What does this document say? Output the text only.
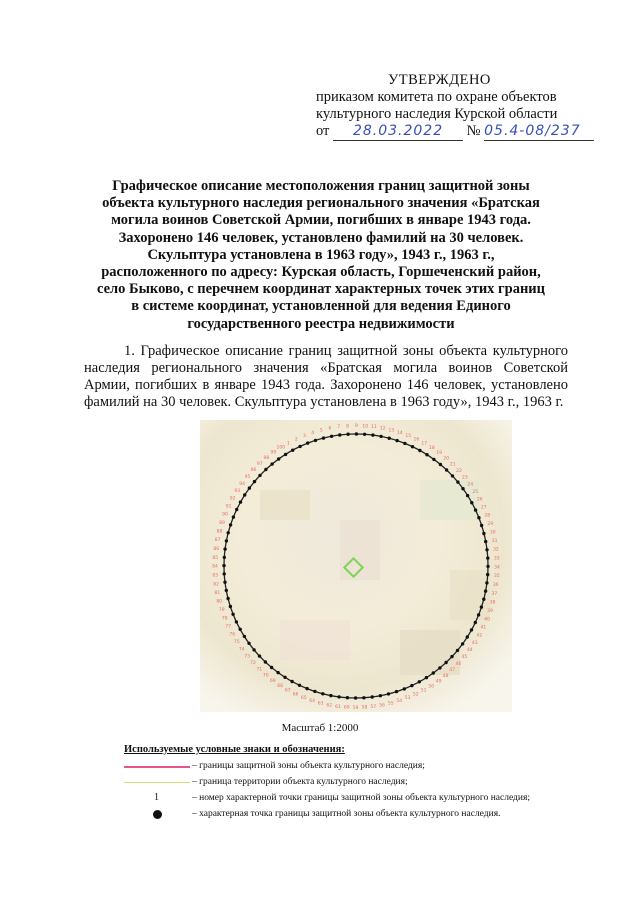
УТВЕРЖДЕНО
приказом комитета по охране объектов
культурного наследия Курской области
от 28.03.2022 № 05.4-08/237
Графическое описание местоположения границ защитной зоны объекта культурного наследия регионального значения «Братская могила воинов Советской Армии, погибших в январе 1943 года. Захоронено 146 человек, установлено фамилий на 30 человек. Скульптура установлена в 1963 году», 1943 г., 1963 г., расположенного по адресу: Курская область, Горшеченский район, село Быково, с перечнем координат характерных точек этих границ в системе координат, установленной для ведения Единого государственного реестра недвижимости
1. Графическое описание границ защитной зоны объекта культурного наследия регионального значения «Братская могила воинов Советской Армии, погибших в январе 1943 года. Захоронено 146 человек, установлено фамилий на 30 человек. Скульптура установлена в 1963 году», 1943 г., 1963 г.
1
2
3
4 5 6 7 8 9 10 11 12 13 14
15
16
17
18
19
20
21
22
23
24
25
26
27
28
29
30
31
32
33
34
35
36
37
38
39
40
41
42
43
44
45
46
47
48
49
50
51
52
53
54
55
56
57
58
59
60
61
62
63
64
65
66
67
68
69
70
71
72
73
74
75
76
77
78
79
80
81
82
83
84
85
86
87
88
89
90
91
92
93
94
95
96
97
98
99
100
Масштаб 1:2000
Используемые условные знаки и обозначения:
– границы защитной зоны объекта культурного наследия;
– граница территории объекта культурного наследия;
1	– номер характерной точки границы защитной зоны объекта культурного наследия;
– характерная точка границы защитной зоны объекта культурного наследия.
